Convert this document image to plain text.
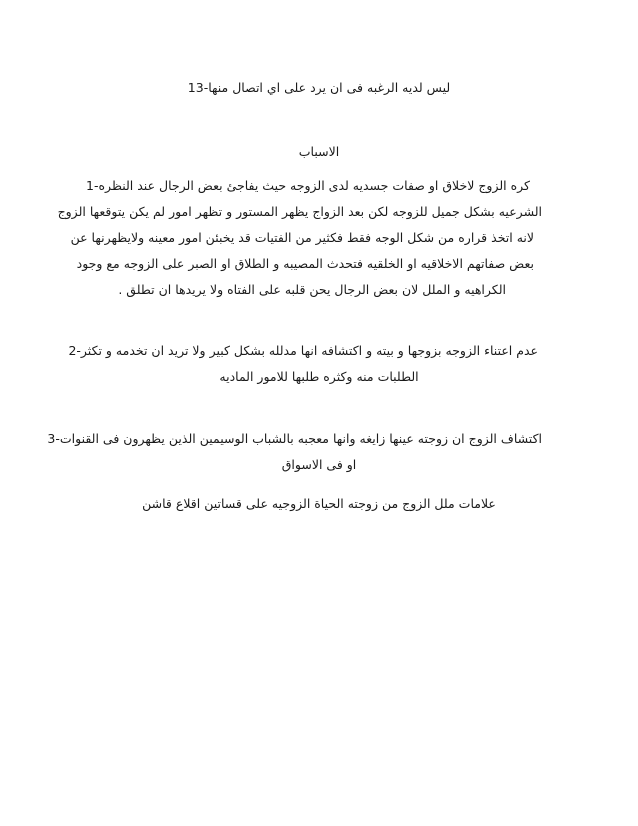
ليس لديه الرغبه فى ان يرد على اي اتصال منها-13
الاسباب
كره الزوج لاخلاق او صفات جسديه لدى الزوجه حيث يفاجئ بعض الرجال عند النظره-1
الشرعيه بشكل جميل للزوجه لكن بعد الزواج يظهر المستور و تظهر امور لم يكن يتوقعها الزوج
لانه اتخذ قراره من شكل الوجه فقط فكثير من الفتيات قد يخبئن امور معينه ولايظهرنها عن
بعض صفاتهم الاخلاقيه او الخلقيه فتحدث المصيبه و الطلاق او الصبر على الزوجه مع وجود
الكراهيه و الملل لان بعض الرجال يحن قلبه على الفتاه ولا يريدها ان تطلق .
عدم اعتناء الزوجه بزوجها و بيته و اكتشافه انها مدلله بشكل كبير ولا تريد ان تخدمه و تكثر-2
الطلبات منه وكثره طلبها للامور الماديه
اكتشاف الزوج ان زوجته عينها زايغه وانها معجبه بالشباب الوسيمين الذين يظهرون فى القنوات-3
او فى الاسواق
علامات ملل الزوج من زوجته الحياة الزوجيه على قساتين اقلاع قاشن
